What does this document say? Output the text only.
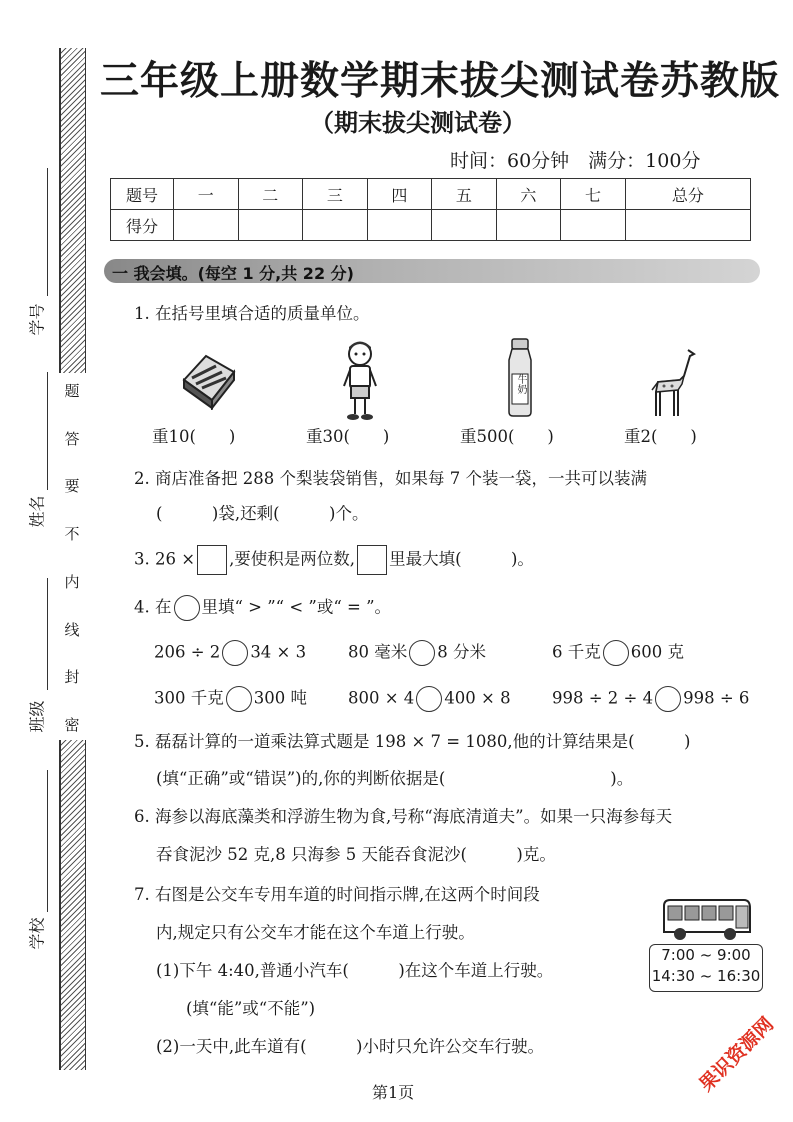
题
答
要
不
内
线
封
密
学号
姓名
班级
学校
三年级上册数学期末拔尖测试卷苏教版
（期末拔尖测试卷）
时间：60分钟　满分：100分
题号	一	二	三	四	五	六	七	总分
得分								
一 我会填。(每空 1 分,共 22 分)
1. 在括号里填合适的质量单位。
牛奶
重10(　　)	重30(　　)	重500(　　)	重2(　　)
2. 商店准备把 288 个梨装袋销售，如果每 7 个装一袋，一共可以装满
(　　　)袋,还剩(　　　)个。
3. 26 × ,要使积是两位数, 里最大填(　　　)。
4. 在 里填“ > ”“ < ”或“ = ”。
206 ÷ 2 34 × 3	80 毫米 8 分米	6 千克 600 克
300 千克 300 吨 800 × 4 400 × 8	998 ÷ 2 ÷ 4 998 ÷ 6
5. 磊磊计算的一道乘法算式题是 198 × 7 = 1080,他的计算结果是(　　　)
(填“正确”或“错误”)的,你的判断依据是(　　　　　　　　　　)。
6. 海参以海底藻类和浮游生物为食,号称“海底清道夫”。如果一只海参每天
吞食泥沙 52 克,8 只海参 5 天能吞食泥沙(　　　)克。
7. 右图是公交车专用车道的时间指示牌,在这两个时间段
内,规定只有公交车才能在这个车道上行驶。
(1)下午 4:40,普通小汽车(　　　)在这个车道上行驶。
(填“能”或“不能”)
(2)一天中,此车道有(　　　)小时只允许公交车行驶。
7:00 ~ 9:00
14:30 ~ 16:30
第1页	果识资源网
